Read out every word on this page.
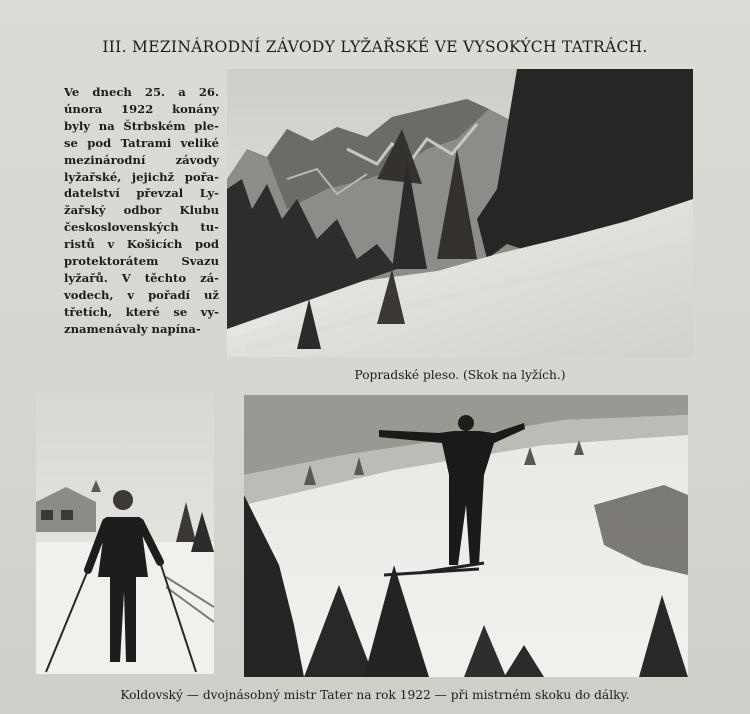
III. MEZINÁRODNÍ ZÁVODY LYŽAŘSKÉ VE VYSOKÝCH TATRÁCH.
Ve dnech 25. a 26.
února 1922 konány
byly na Štrbském ple-
se pod Tatrami veliké
mezinárodní závody
lyžařské, jejichž pořa-
datelství převzal Ly-
žařský odbor Klubu
československých tu-
ristů v Košicích pod
protektorátem Svazu
lyžařů. V těchto zá-
vodech, v pořadí už
třetích, které se vy-
znamenávaly napína-
Popradské pleso. (Skok na lyžích.)
Koldovský — dvojnásobný mistr Tater na rok 1922 — při mistrném skoku do dálky.
